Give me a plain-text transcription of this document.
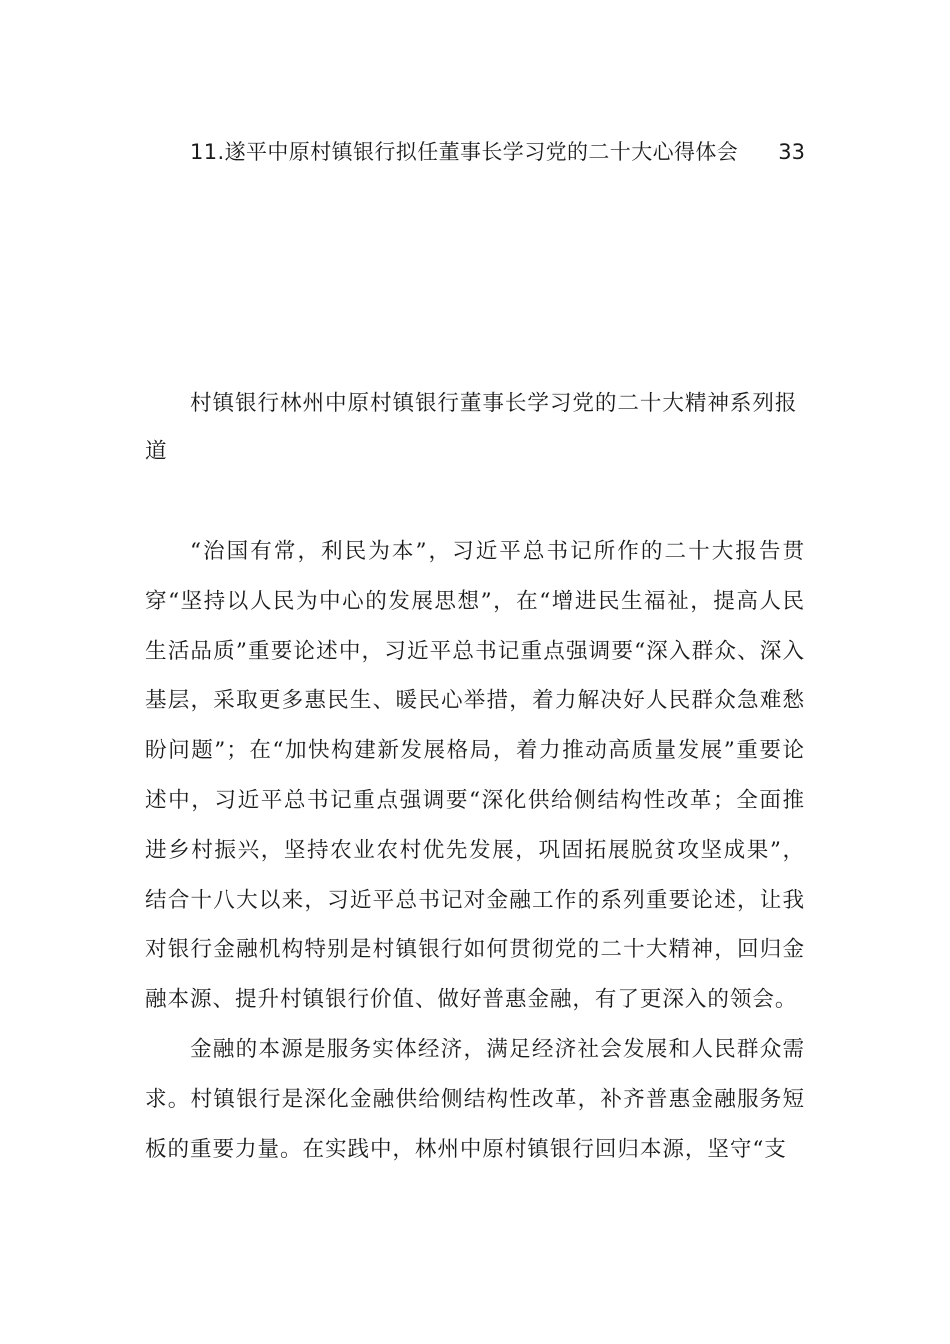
11.遂平中原村镇银行拟任董事长学习党的二十大心得体会 33
村镇银行林州中原村镇银行董事长学习党的二十大精神系列报道

“治国有常，利民为本”，习近平总书记所作的二十大报告贯穿“坚持以人民为中心的发展思想”，在“增进民生福祉，提高人民生活品质”重要论述中，习近平总书记重点强调要“深入群众、深入基层，采取更多惠民生、暖民心举措，着力解决好人民群众急难愁盼问题”；在“加快构建新发展格局，着力推动高质量发展”重要论述中，习近平总书记重点强调要“深化供给侧结构性改革；全面推进乡村振兴，坚持农业农村优先发展，巩固拓展脱贫攻坚成果”，结合十八大以来，习近平总书记对金融工作的系列重要论述，让我对银行金融机构特别是村镇银行如何贯彻党的二十大精神，回归金融本源、提升村镇银行价值、做好普惠金融，有了更深入的领会。

金融的本源是服务实体经济，满足经济社会发展和人民群众需求。村镇银行是深化金融供给侧结构性改革，补齐普惠金融服务短板的重要力量。在实践中，林州中原村镇银行回归本源，坚守“支
